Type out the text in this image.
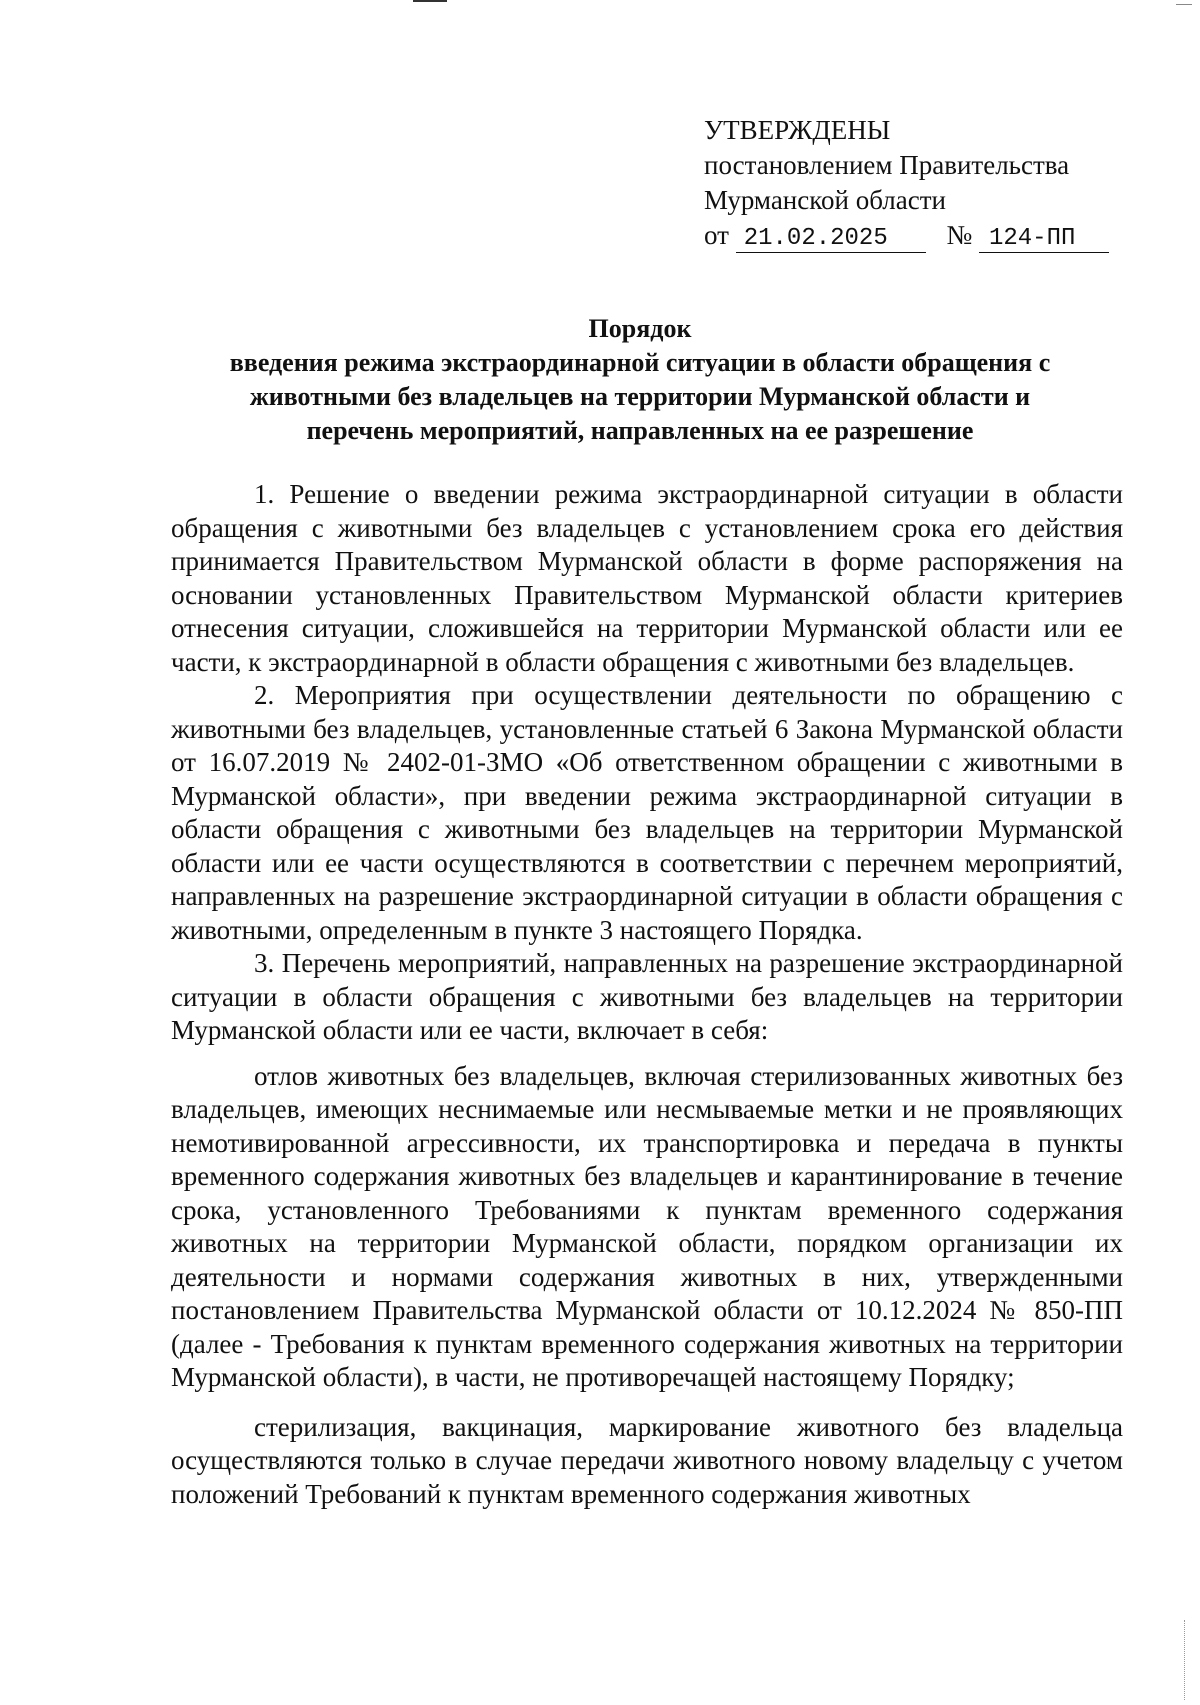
УТВЕРЖДЕНЫ
постановлением Правительства
Мурманской области
от 21.02.2025 № 124-ПП
Порядок
введения режима экстраординарной ситуации в области обращения с
животными без владельцев на территории Мурманской области и
перечень мероприятий, направленных на ее разрешение

1. Решение о введении режима экстраординарной ситуации в области обращения с животными без владельцев с установлением срока его действия принимается Правительством Мурманской области в форме распоряжения на основании установленных Правительством Мурманской области критериев отнесения ситуации, сложившейся на территории Мурманской области или ее части, к экстраординарной в области обращения с животными без владельцев.

2. Мероприятия при осуществлении деятельности по обращению с животными без владельцев, установленные статьей 6 Закона Мурманской области от 16.07.2019 № 2402-01-ЗМО «Об ответственном обращении с животными в Мурманской области», при введении режима экстраординарной ситуации в области обращения с животными без владельцев на территории Мурманской области или ее части осуществляются в соответствии с перечнем мероприятий, направленных на разрешение экстраординарной ситуации в области обращения с животными, определенным в пункте 3 настоящего Порядка.

3. Перечень мероприятий, направленных на разрешение экстраординарной ситуации в области обращения с животными без владельцев на территории Мурманской области или ее части, включает в себя:

отлов животных без владельцев, включая стерилизованных животных без владельцев, имеющих неснимаемые или несмываемые метки и не проявляющих немотивированной агрессивности, их транспортировка и передача в пункты временного содержания животных без владельцев и карантинирование в течение срока, установленного Требованиями к пунктам временного содержания животных на территории Мурманской области, порядком организации их деятельности и нормами содержания животных в них, утвержденными постановлением Правительства Мурманской области от 10.12.2024 № 850-ПП (далее - Требования к пунктам временного содержания животных на территории Мурманской области), в части, не противоречащей настоящему Порядку;

стерилизация, вакцинация, маркирование животного без владельца осуществляются только в случае передачи животного новому владельцу с учетом положений Требований к пунктам временного содержания животных
